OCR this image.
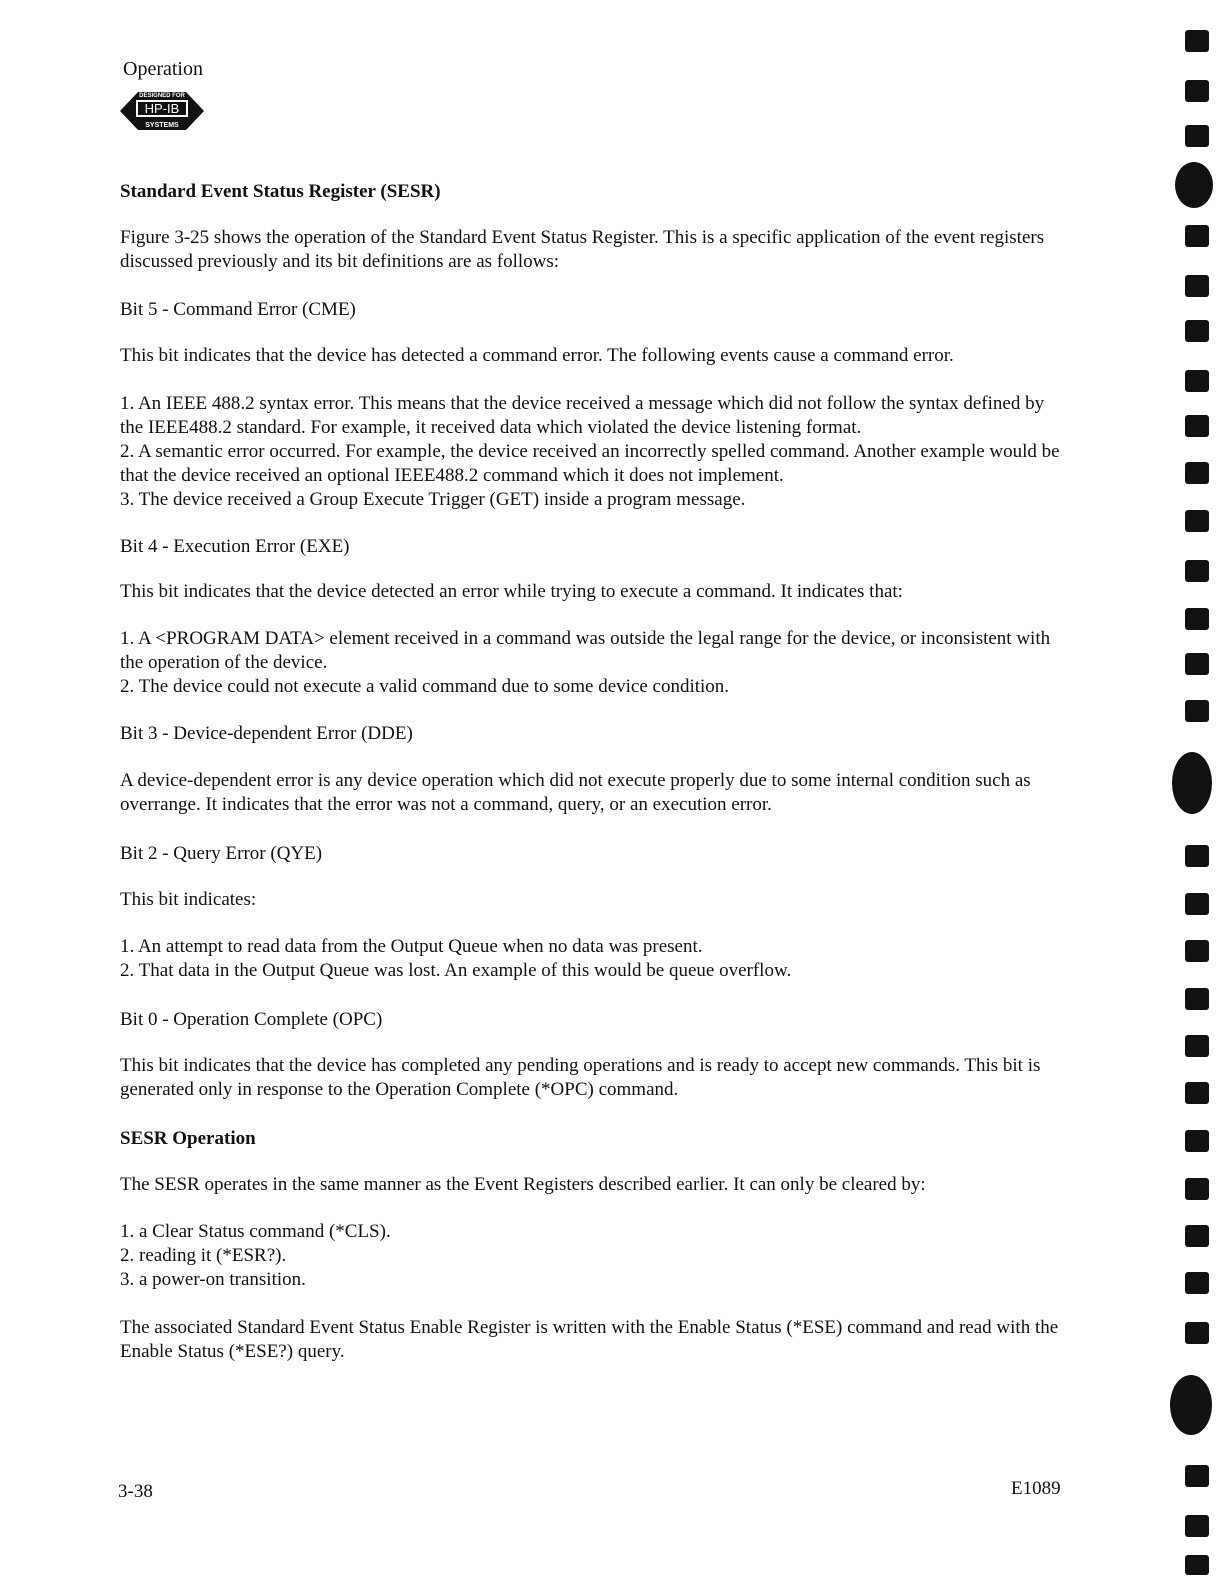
Operation
DESIGNED FOR
HP-IB
SYSTEMS
Standard Event Status Register (SESR)
Figure 3-25 shows the operation of the Standard Event Status Register. This is a specific application of the event registers discussed previously and its bit definitions are as follows:
Bit 5 - Command Error (CME)
This bit indicates that the device has detected a command error. The following events cause a command error.
1. An IEEE 488.2 syntax error. This means that the device received a message which did not follow the syntax defined by the IEEE488.2 standard. For example, it received data which violated the device listening format.
2. A semantic error occurred. For example, the device received an incorrectly spelled command. Another example would be that the device received an optional IEEE488.2 command which it does not implement.
3. The device received a Group Execute Trigger (GET) inside a program message.
Bit 4 - Execution Error (EXE)
This bit indicates that the device detected an error while trying to execute a command. It indicates that:
1. A <PROGRAM DATA> element received in a command was outside the legal range for the device, or inconsistent with the operation of the device.
2. The device could not execute a valid command due to some device condition.
Bit 3 - Device-dependent Error (DDE)
A device-dependent error is any device operation which did not execute properly due to some internal condition such as overrange. It indicates that the error was not a command, query, or an execution error.
Bit 2 - Query Error (QYE)
This bit indicates:
1. An attempt to read data from the Output Queue when no data was present.
2. That data in the Output Queue was lost. An example of this would be queue overflow.
Bit 0 - Operation Complete (OPC)
This bit indicates that the device has completed any pending operations and is ready to accept new commands. This bit is generated only in response to the Operation Complete (*OPC) command.
SESR Operation
The SESR operates in the same manner as the Event Registers described earlier. It can only be cleared by:
1. a Clear Status command (*CLS).
2. reading it (*ESR?).
3. a power-on transition.
The associated Standard Event Status Enable Register is written with the Enable Status (*ESE) command and read with the Enable Status (*ESE?) query.
3-38	E1089
